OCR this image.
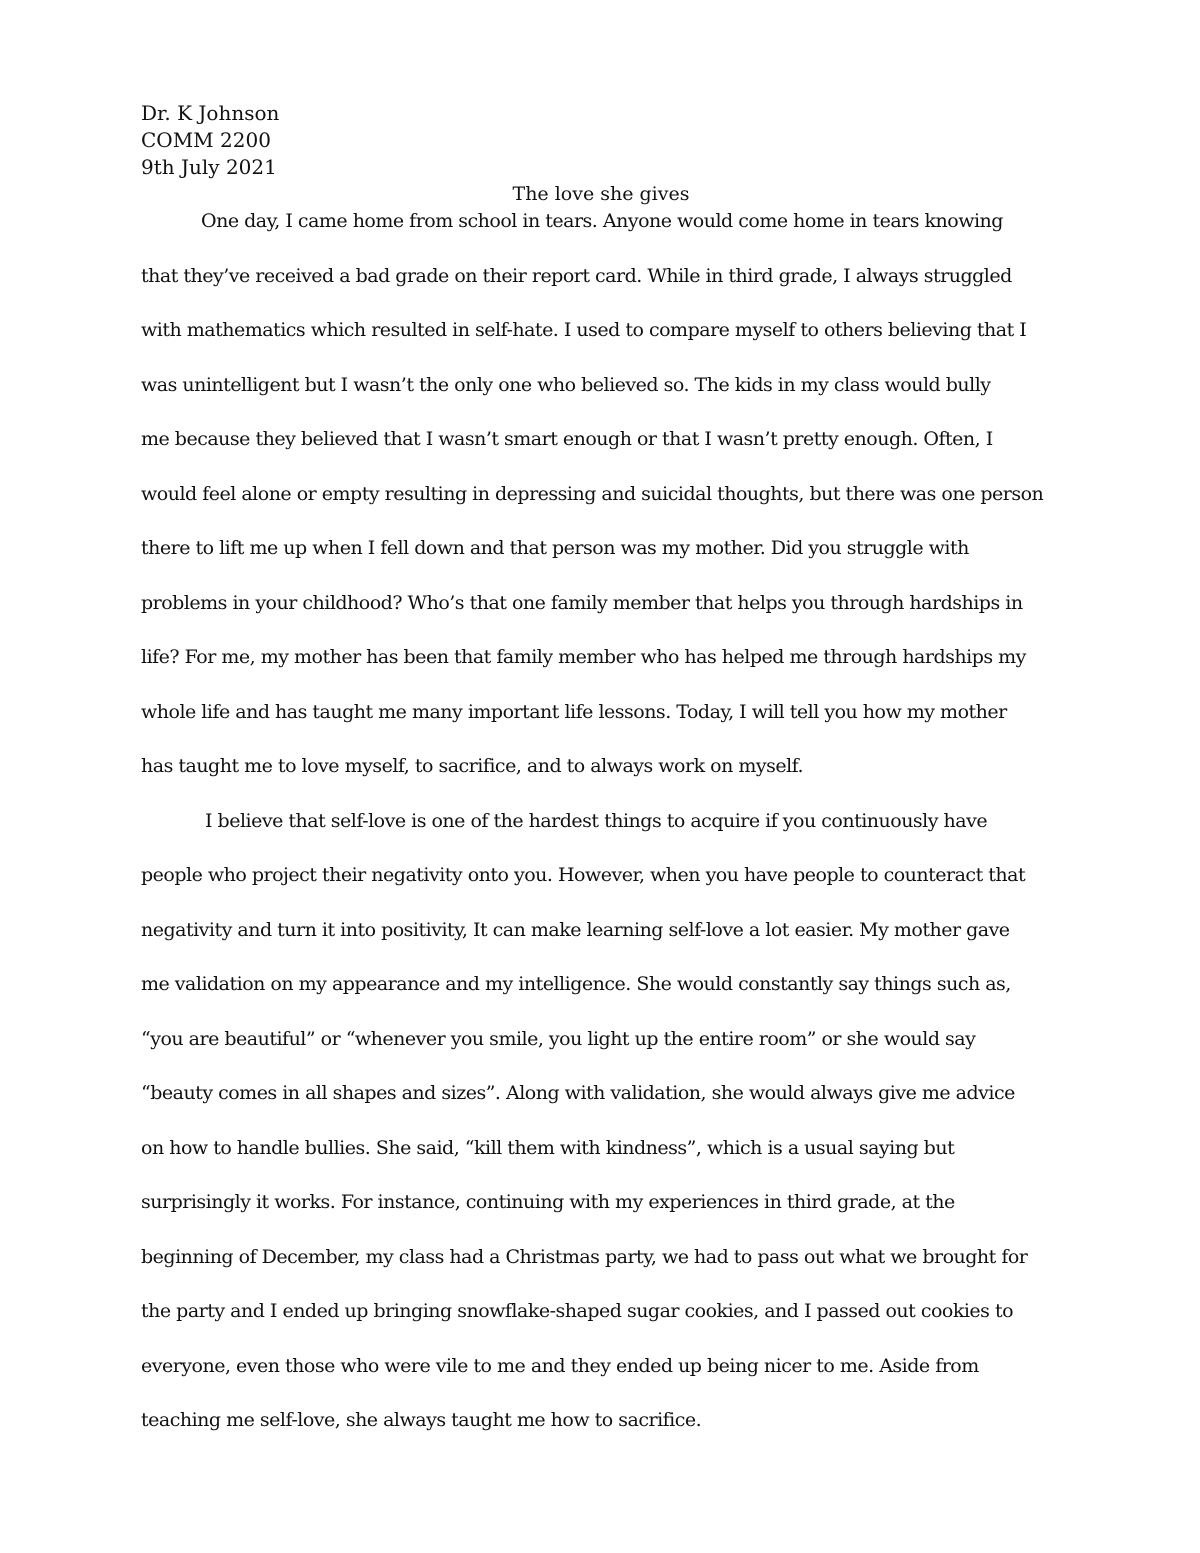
Dr. K Johnson
COMM 2200
9th July 2021
The love she gives
One day, I came home from school in tears. Anyone would come home in tears knowing
that they’ve received a bad grade on their report card. While in third grade, I always struggled
with mathematics which resulted in self-hate. I used to compare myself to others believing that I
was unintelligent but I wasn’t the only one who believed so. The kids in my class would bully
me because they believed that I wasn’t smart enough or that I wasn’t pretty enough. Often, I
would feel alone or empty resulting in depressing and suicidal thoughts, but there was one person
there to lift me up when I fell down and that person was my mother. Did you struggle with
problems in your childhood? Who’s that one family member that helps you through hardships in
life? For me, my mother has been that family member who has helped me through hardships my
whole life and has taught me many important life lessons. Today, I will tell you how my mother
has taught me to love myself, to sacrifice, and to always work on myself.
I believe that self-love is one of the hardest things to acquire if you continuously have
people who project their negativity onto you. However, when you have people to counteract that
negativity and turn it into positivity, It can make learning self-love a lot easier. My mother gave
me validation on my appearance and my intelligence. She would constantly say things such as,
“you are beautiful” or “whenever you smile, you light up the entire room” or she would say
“beauty comes in all shapes and sizes”. Along with validation, she would always give me advice
on how to handle bullies. She said, “kill them with kindness”, which is a usual saying but
surprisingly it works. For instance, continuing with my experiences in third grade, at the
beginning of December, my class had a Christmas party, we had to pass out what we brought for
the party and I ended up bringing snowflake-shaped sugar cookies, and I passed out cookies to
everyone, even those who were vile to me and they ended up being nicer to me. Aside from
teaching me self-love, she always taught me how to sacrifice.
